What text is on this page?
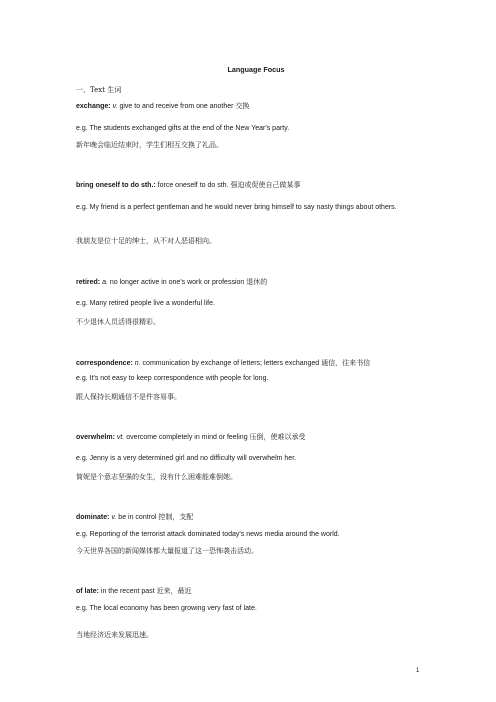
Language Focus
一、Text 生词
exchange: v. give to and receive from one another 交换
e.g. The students exchanged gifts at the end of the New Year's party.
新年晚会临近结束时，学生们相互交换了礼品。
bring oneself to do sth.: force oneself to do sth. 强迫或促使自己做某事
e.g. My friend is a perfect gentleman and he would never bring himself to say nasty things about others.
我朋友是位十足的绅士，从不对人恶语相向。
retired: a. no longer active in one's work or profession 退休的
e.g. Many retired people live a wonderful life.
不少退休人员活得很精彩。
correspondence: n. communication by exchange of letters; letters exchanged 通信，往来书信
e.g. It's not easy to keep correspondence with people for long.
跟人保持长期通信不是件容易事。
overwhelm: vt. overcome completely in mind or feeling 压倒，使难以承受
e.g. Jenny is a very determined girl and no difficulty will overwhelm her.
简妮是个意志坚强的女生，没有什么困难能难倒她。
dominate: v. be in control 控制，支配
e.g. Reporting of the terrorist attack dominated today's news media around the world.
今天世界各国的新闻媒体都大量报道了这一恐怖袭击活动。
of late: in the recent past 近来，最近
e.g. The local economy has been growing very fast of late.
当地经济近来发展迅速。
1
